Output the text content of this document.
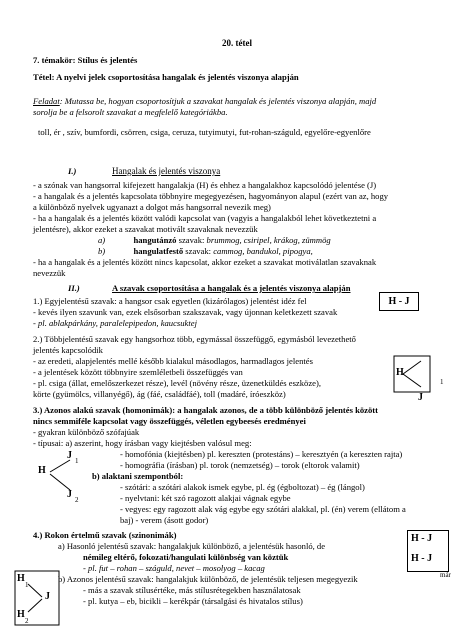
20. tétel
7. témakör: Stílus és jelentés
Tétel: A nyelvi jelek csoportosítása hangalak és jelentés viszonya alapján
Feladat: Mutassa be, hogyan csoportosítjuk a szavakat hangalak és jelentés viszonya alapján, majd
sorolja be a felsorolt szavakat a megfelelő kategóriákba.
toll, ér , szív, bumfordi, csörren, csiga, ceruza, tutyimutyi, fut-rohan-száguld, egyelőre-egyenlőre
I.)	Hangalak és jelentés viszonya
- a szónak van hangsorral kifejezett hangalakja (H) és ehhez a hangalakhoz kapcsolódó jelentése (J)
- a hangalak és a jelentés kapcsolata többnyire megegyezésen, hagyományon alapul (ezért van az, hogy
a különböző nyelvek ugyanazt a dolgot más hangsorral nevezik meg)
- ha a hangalak és a jelentés között valódi kapcsolat van (vagyis a hangalakból lehet következtetni a
jelentésre), akkor ezeket a szavakat motivált szavaknak nevezzük
a)	hangutánzó szavak: brummog, csiripel, krákog, zümmög
b)	hangulatfestő szavak: cammog, bandukol, pipogya,
- ha a hangalak és a jelentés között nincs kapcsolat, akkor ezeket a szavakat motiválatlan szavaknak
nevezzük
II.)	A szavak csoportosítása a hangalak és a jelentés viszonya alapján
1.) Egyjelentésű szavak: a hangsor csak egyetlen (kizárólagos) jelentést idéz fel
- kevés ilyen szavunk van, ezek elsősorban szakszavak, vagy újonnan keletkezett szavak
- pl. ablakpárkány, paralelepipedon, kaucsuktej
H - J
2.) Többjelentésű szavak egy hangsorhoz több, egymással összefüggő, egymásból levezethető
jelentés kapcsolódik
- az eredeti, alapjelentés mellé később kialakul másodlagos, harmadlagos jelentés
- a jelentések között többnyire szemléletbeli összefüggés van
- pl. csiga (állat, emelőszerkezet része), levél (növény része, üzenetküldés eszköze),
körte (gyümölcs, villanyégő), ág (fáé, családfáé), toll (madáré, íróeszköz)
H
J
1
3.) Azonos alakú szavak (homonimák): a hangalak azonos, de a több különböző jelentés között
nincs semmiféle kapcsolat vagy összefüggés, véletlen egybeesés eredményei
- gyakran különböző szófajúak
- típusai: a) aszerint, hogy írásban vagy kiejtésben valósul meg:
- homofónia (kiejtésben) pl. kereszten (protestáns) – keresztyén (a kereszten rajta)
- homográfia (írásban) pl. torok (nemzetség) – torok (eltorok valamit)
b) alaktani szempontból:
- szótári: a szótári alakok ismek egybe, pl. ég (égboltozat) – ég (lángol)
- nyelvtani: két szó ragozott alakjai vágnak egybe
- vegyes: egy ragozott alak vág egybe egy szótári alakkal, pl. (én) verem (ellátom a
baj) - verem (ásott godor)
H
J 1
J 2
4.) Rokon értelmű szavak (szinonimák)
a) Hasonló jelentésű szavak: hangalakjuk különböző, a jelentésük hasonló, de
némileg eltérő, fokozati/hangulati különbség van köztük
- pl. fut – rohan – száguld, nevet – mosolyog – kacag
b) Azonos jelentésű szavak: hangalakjuk különböző, de jelentésük teljesen megegyezik
- más a szavak stílusértéke, más stílusrétegekben használatosak
- pl. kutya – eb, bicikli – kerékpár (társalgási és hivatalos stílus)
H - J
H - J
már
H
1
J
H
2
